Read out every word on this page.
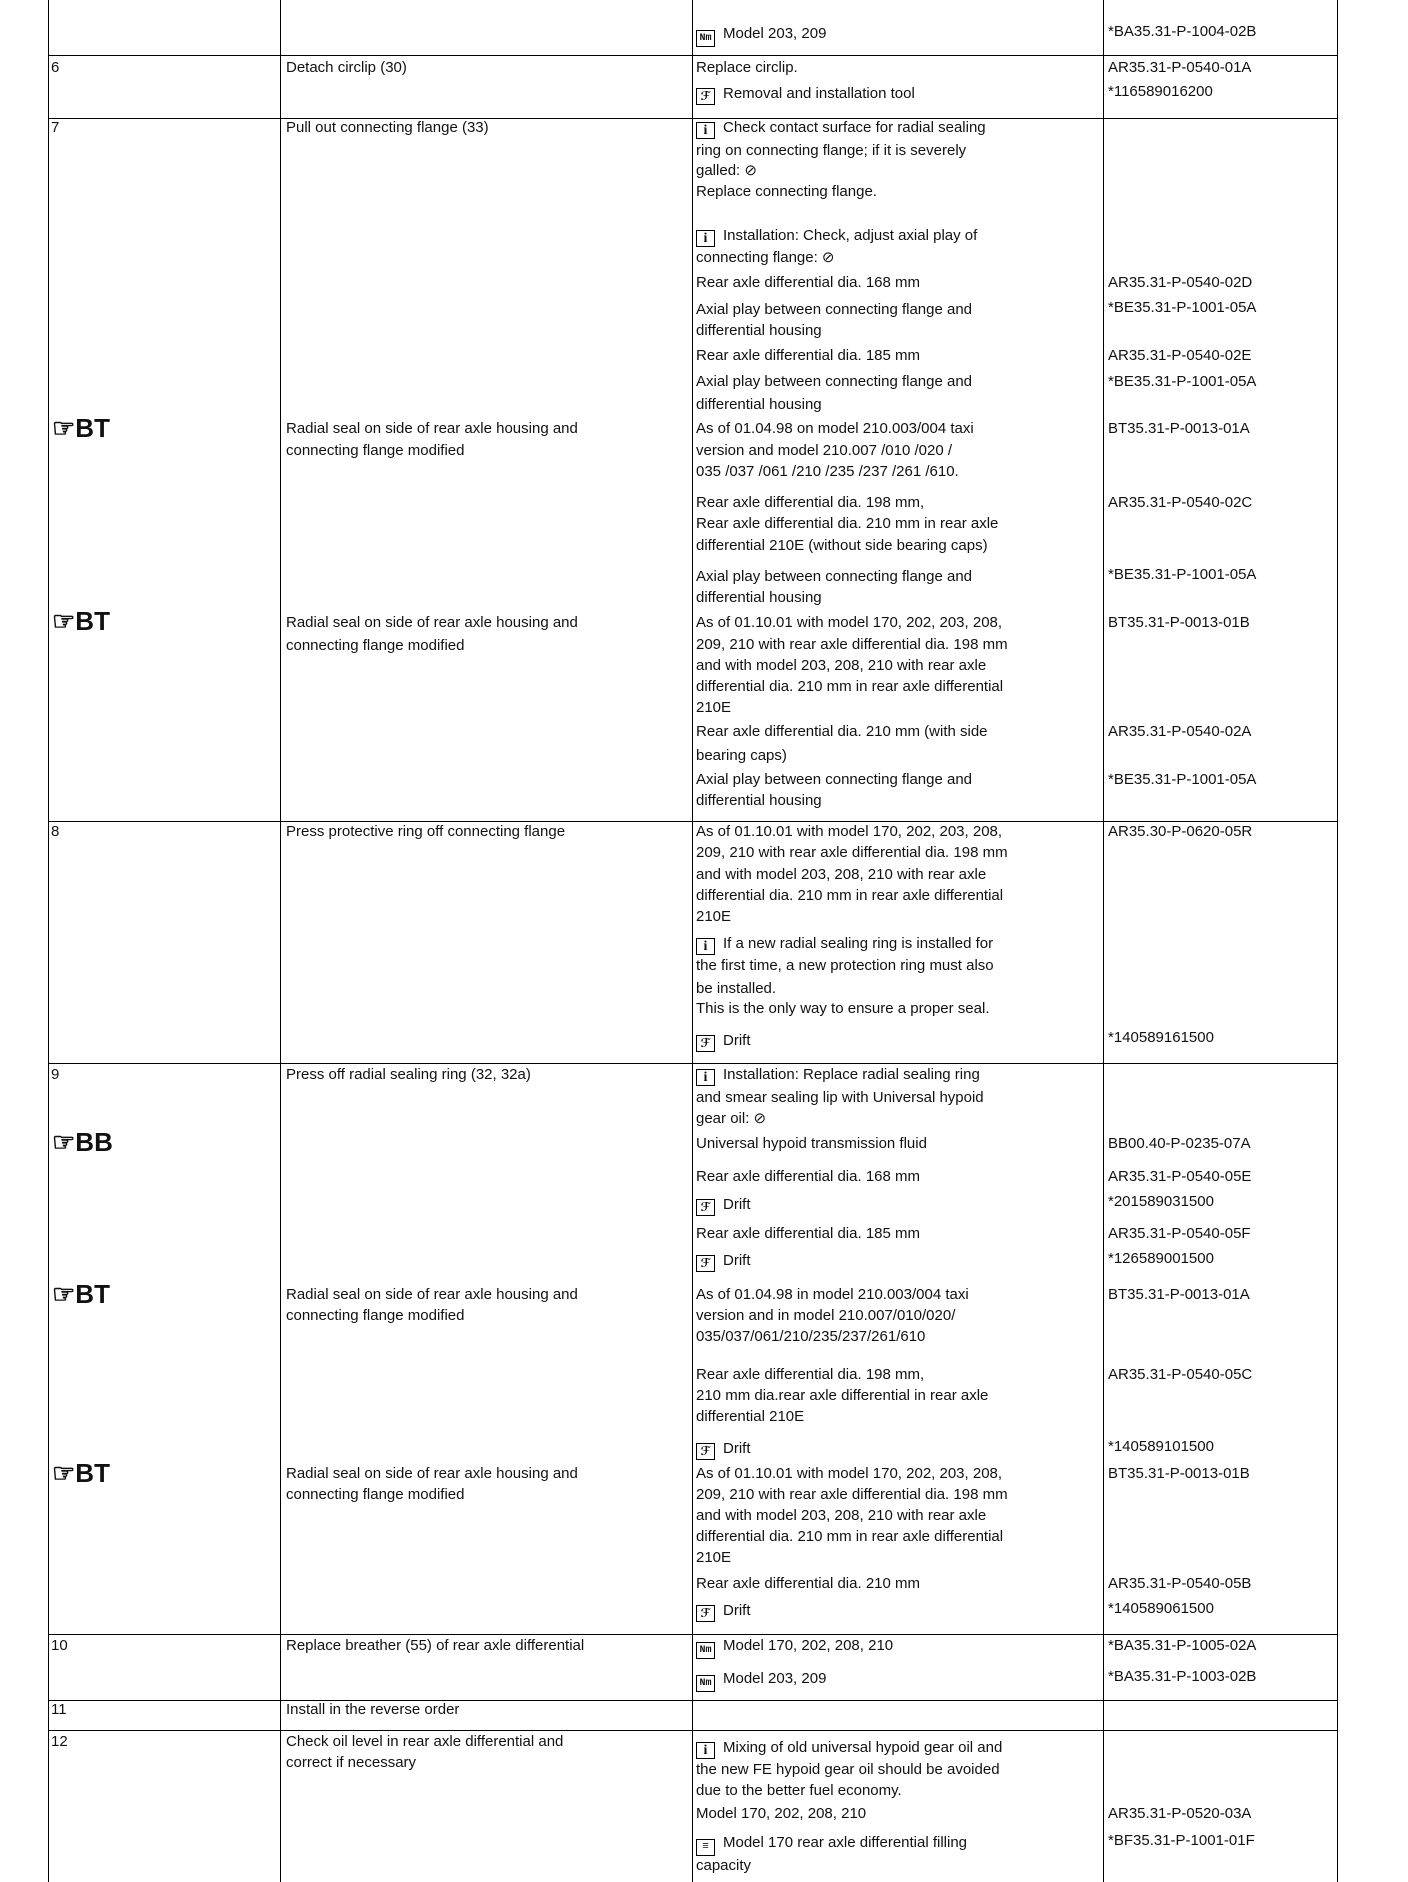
Nm Model 203, 209	*BA35.31-P-1004-02B
6	Detach circlip (30)	Replace circlip.	AR35.31-P-0540-01A
ℱ Removal and installation tool	*116589016200
7	Pull out connecting flange (33)	i Check contact surface for radial sealing
ring on connecting flange; if it is severely
galled: ⊘
Replace connecting flange.
i Installation: Check, adjust axial play of
connecting flange: ⊘
Rear axle differential dia. 168 mm	AR35.31-P-0540-02D
Axial play between connecting flange and	*BE35.31-P-1001-05A
differential housing
Rear axle differential dia. 185 mm	AR35.31-P-0540-02E
Axial play between connecting flange and	*BE35.31-P-1001-05A
differential housing
☞BT	Radial seal on side of rear axle housing and
connecting flange modified
As of 01.04.98 on model 210.003/004 taxi	BT35.31-P-0013-01A
version and model 210.007 /010 /020 /
035 /037 /061 /210 /235 /237 /261 /610.
Rear axle differential dia. 198 mm,	AR35.31-P-0540-02C
Rear axle differential dia. 210 mm in rear axle
differential 210E (without side bearing caps)
Axial play between connecting flange and	*BE35.31-P-1001-05A
differential housing
☞BT	Radial seal on side of rear axle housing and
connecting flange modified
As of 01.10.01 with model 170, 202, 203, 208,	BT35.31-P-0013-01B
209, 210 with rear axle differential dia. 198 mm
and with model 203, 208, 210 with rear axle
differential dia. 210 mm in rear axle differential
210E
Rear axle differential dia. 210 mm (with side	AR35.31-P-0540-02A
bearing caps)
Axial play between connecting flange and	*BE35.31-P-1001-05A
differential housing
8	Press protective ring off connecting flange	As of 01.10.01 with model 170, 202, 203, 208,	AR35.30-P-0620-05R
209, 210 with rear axle differential dia. 198 mm
and with model 203, 208, 210 with rear axle
differential dia. 210 mm in rear axle differential
210E
i If a new radial sealing ring is installed for
the first time, a new protection ring must also
be installed.
This is the only way to ensure a proper seal.
ℱ Drift	*140589161500
9	Press off radial sealing ring (32, 32a)	i Installation: Replace radial sealing ring
and smear sealing lip with Universal hypoid
gear oil: ⊘
☞BB	Universal hypoid transmission fluid	BB00.40-P-0235-07A
Rear axle differential dia. 168 mm	AR35.31-P-0540-05E
ℱ Drift	*201589031500
Rear axle differential dia. 185 mm	AR35.31-P-0540-05F
ℱ Drift	*126589001500
☞BT	Radial seal on side of rear axle housing and
connecting flange modified
As of 01.04.98 in model 210.003/004 taxi	BT35.31-P-0013-01A
version and in model 210.007/010/020/
035/037/061/210/235/237/261/610
Rear axle differential dia. 198 mm,	AR35.31-P-0540-05C
210 mm dia.rear axle differential in rear axle
differential 210E
ℱ Drift	*140589101500
☞BT	Radial seal on side of rear axle housing and
connecting flange modified
As of 01.10.01 with model 170, 202, 203, 208,	BT35.31-P-0013-01B
209, 210 with rear axle differential dia. 198 mm
and with model 203, 208, 210 with rear axle
differential dia. 210 mm in rear axle differential
210E
Rear axle differential dia. 210 mm	AR35.31-P-0540-05B
ℱ Drift	*140589061500
10	Replace breather (55) of rear axle differential	Nm Model 170, 202, 208, 210	*BA35.31-P-1005-02A
Nm Model 203, 209	*BA35.31-P-1003-02B
11	Install in the reverse order
12	Check oil level in rear axle differential and
correct if necessary
i Mixing of old universal hypoid gear oil and
the new FE hypoid gear oil should be avoided
due to the better fuel economy.
Model 170, 202, 208, 210	AR35.31-P-0520-03A
≡ Model 170 rear axle differential filling	*BF35.31-P-1001-01F
capacity
